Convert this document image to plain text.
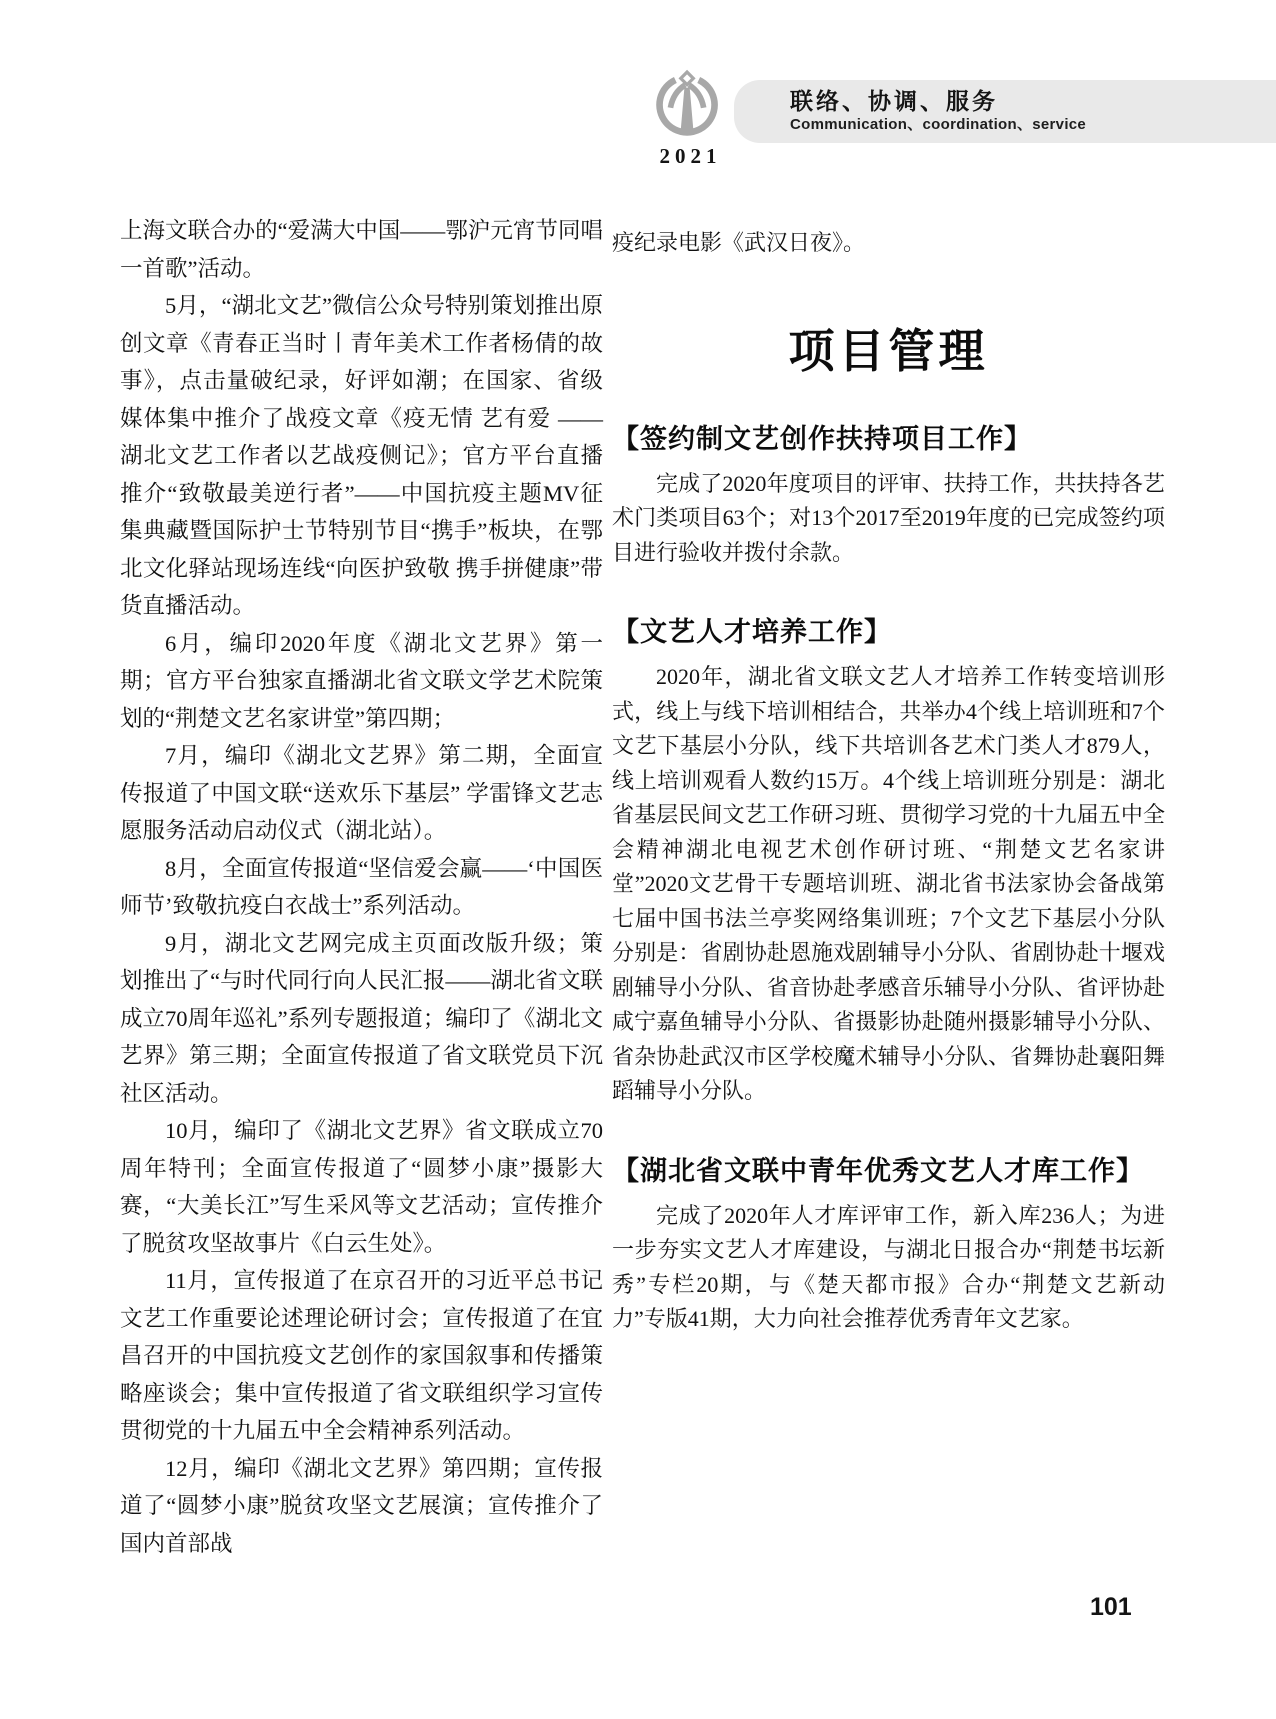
2021
联络、协调、服务
Communication、coordination、service

上海文联合办的“爱满大中国——鄂沪元宵节同唱一首歌”活动。

5月，“湖北文艺”微信公众号特别策划推出原创文章《青春正当时丨青年美术工作者杨倩的故事》，点击量破纪录，好评如潮；在国家、省级媒体集中推介了战疫文章《疫无情 艺有爱 ——湖北文艺工作者以艺战疫侧记》；官方平台直播推介“致敬最美逆行者”——中国抗疫主题MV征集典藏暨国际护士节特别节目“携手”板块，在鄂北文化驿站现场连线“向医护致敬 携手拼健康”带货直播活动。

6月，编印2020年度《湖北文艺界》第一期；官方平台独家直播湖北省文联文学艺术院策划的“荆楚文艺名家讲堂”第四期；

7月，编印《湖北文艺界》第二期，全面宣传报道了中国文联“送欢乐下基层” 学雷锋文艺志愿服务活动启动仪式（湖北站）。

8月，全面宣传报道“坚信爱会赢——‘中国医师节’致敬抗疫白衣战士”系列活动。

9月，湖北文艺网完成主页面改版升级；策划推出了“与时代同行向人民汇报——湖北省文联成立70周年巡礼”系列专题报道；编印了《湖北文艺界》第三期；全面宣传报道了省文联党员下沉社区活动。

10月，编印了《湖北文艺界》省文联成立70周年特刊；全面宣传报道了“圆梦小康”摄影大赛，“大美长江”写生采风等文艺活动；宣传推介了脱贫攻坚故事片《白云生处》。

11月，宣传报道了在京召开的习近平总书记文艺工作重要论述理论研讨会；宣传报道了在宜昌召开的中国抗疫文艺创作的家国叙事和传播策略座谈会；集中宣传报道了省文联组织学习宣传贯彻党的十九届五中全会精神系列活动。

12月，编印《湖北文艺界》第四期；宣传报道了“圆梦小康”脱贫攻坚文艺展演；宣传推介了国内首部战

疫纪录电影《武汉日夜》。

项目管理
【签约制文艺创作扶持项目工作】

完成了2020年度项目的评审、扶持工作，共扶持各艺术门类项目63个；对13个2017至2019年度的已完成签约项目进行验收并拨付余款。

【文艺人才培养工作】

2020年，湖北省文联文艺人才培养工作转变培训形式，线上与线下培训相结合，共举办4个线上培训班和7个文艺下基层小分队，线下共培训各艺术门类人才879人，线上培训观看人数约15万。4个线上培训班分别是：湖北省基层民间文艺工作研习班、贯彻学习党的十九届五中全会精神湖北电视艺术创作研讨班、“荆楚文艺名家讲堂”2020文艺骨干专题培训班、湖北省书法家协会备战第七届中国书法兰亭奖网络集训班；7个文艺下基层小分队分别是：省剧协赴恩施戏剧辅导小分队、省剧协赴十堰戏剧辅导小分队、省音协赴孝感音乐辅导小分队、省评协赴咸宁嘉鱼辅导小分队、省摄影协赴随州摄影辅导小分队、省杂协赴武汉市区学校魔术辅导小分队、省舞协赴襄阳舞蹈辅导小分队。

【湖北省文联中青年优秀文艺人才库工作】

完成了2020年人才库评审工作，新入库236人；为进一步夯实文艺人才库建设，与湖北日报合办“荆楚书坛新秀”专栏20期，与《楚天都市报》合办“荆楚文艺新动力”专版41期，大力向社会推荐优秀青年文艺家。

101
